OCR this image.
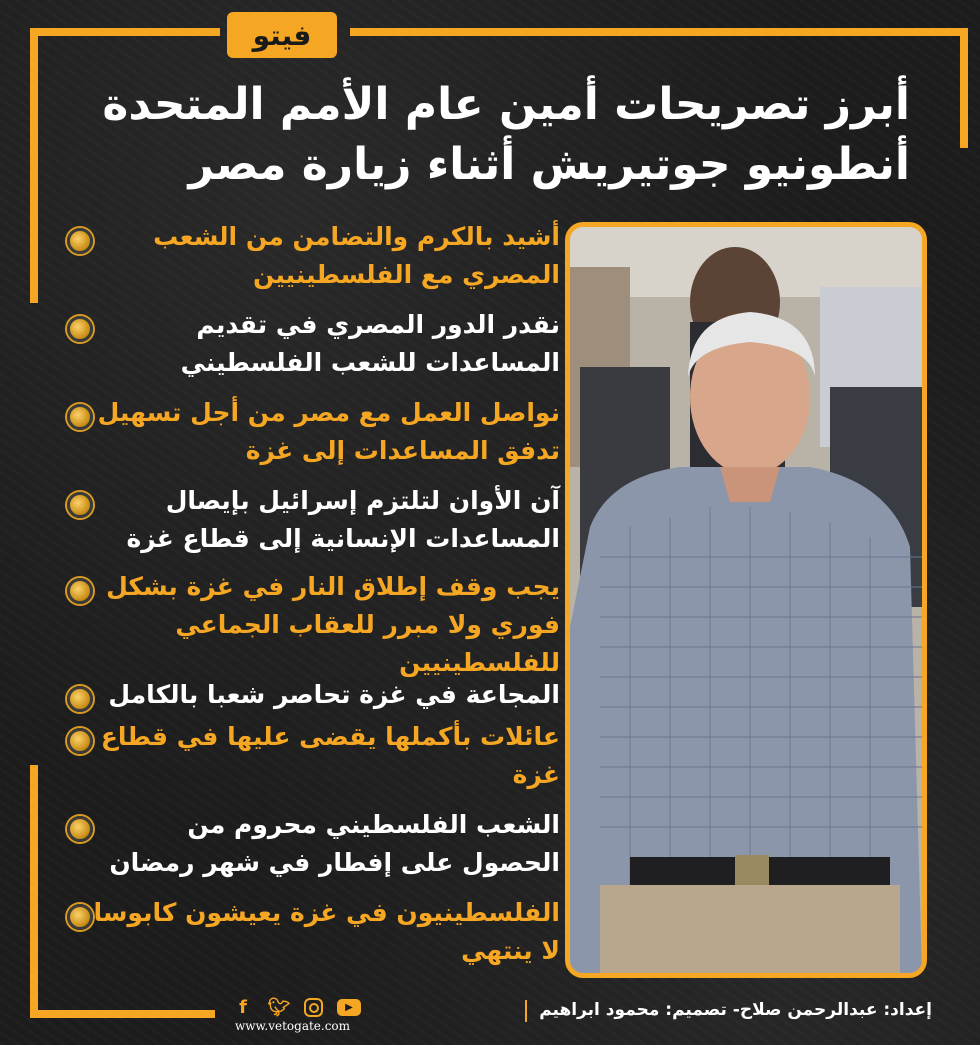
فيتو
أبرز تصريحات أمين عام الأمم المتحدة
أنطونيو جوتيريش أثناء زيارة مصر
أشيد بالكرم والتضامن من الشعب المصري مع الفلسطينيين
نقدر الدور المصري في تقديم المساعدات للشعب الفلسطيني
نواصل العمل مع مصر من أجل تسهيل تدفق المساعدات إلى غزة
آن الأوان لتلتزم إسرائيل بإيصال المساعدات الإنسانية إلى قطاع غزة
يجب وقف إطلاق النار في غزة بشكل فوري ولا مبرر للعقاب الجماعي للفلسطينيين
المجاعة في غزة تحاصر شعبا بالكامل
عائلات بأكملها يقضى عليها في قطاع غزة
الشعب الفلسطيني محروم من الحصول على إفطار في شهر رمضان
الفلسطينيون في غزة يعيشون كابوسا لا ينتهي
f	🐦︎	▶
www.vetogate.com
إعداد: عبدالرحمن صلاح- تصميم: محمود ابراهيم
